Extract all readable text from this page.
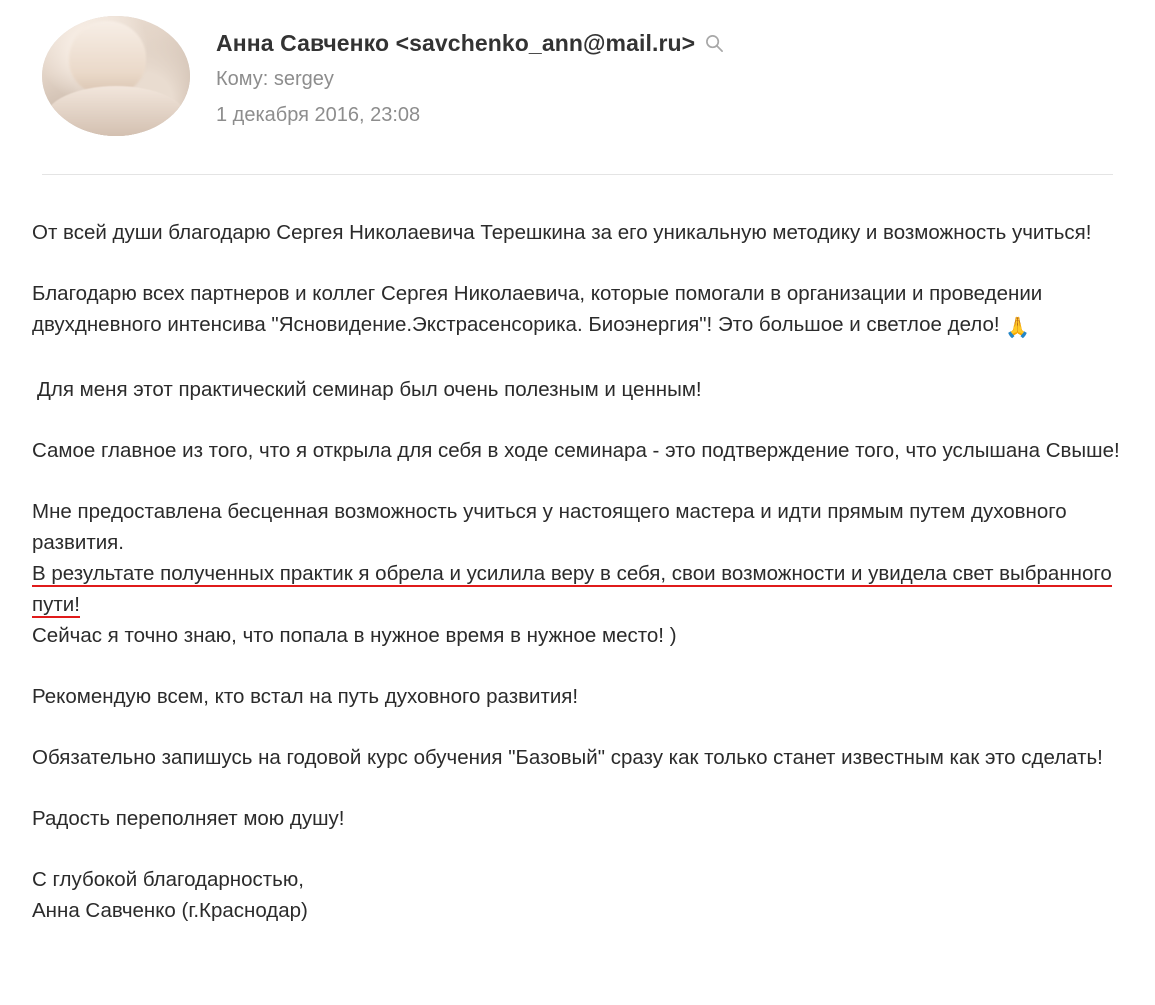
Анна Савченко <savchenko_ann@mail.ru>
Кому: sergey
1 декабря 2016, 23:08

От всей души благодарю Сергея Николаевича Терешкина за его уникальную методику и возможность учиться!

Благодарю всех партнеров и коллег Сергея Николаевича, которые помогали в организации и проведении двухдневного интенсива "Ясновидение.Экстрасенсорика. Биоэнергия"! Это большое и светлое дело! 🙏

Для меня этот практический семинар был очень полезным и ценным!

Самое главное из того, что я открыла для себя в ходе семинара - это подтверждение того, что услышана Свыше!

Мне предоставлена бесценная возможность учиться у настоящего мастера и идти прямым путем духовного развития.

В результате полученных практик я обрела и усилила веру в себя, свои возможности и увидела свет выбранного пути!

Сейчас я точно знаю, что попала в нужное время в нужное место! )

Рекомендую всем, кто встал на путь духовного развития!

Обязательно запишусь на годовой курс обучения "Базовый" сразу как только станет известным как это сделать!

Радость переполняет мою душу!

С глубокой благодарностью,

Анна Савченко (г.Краснодар)
